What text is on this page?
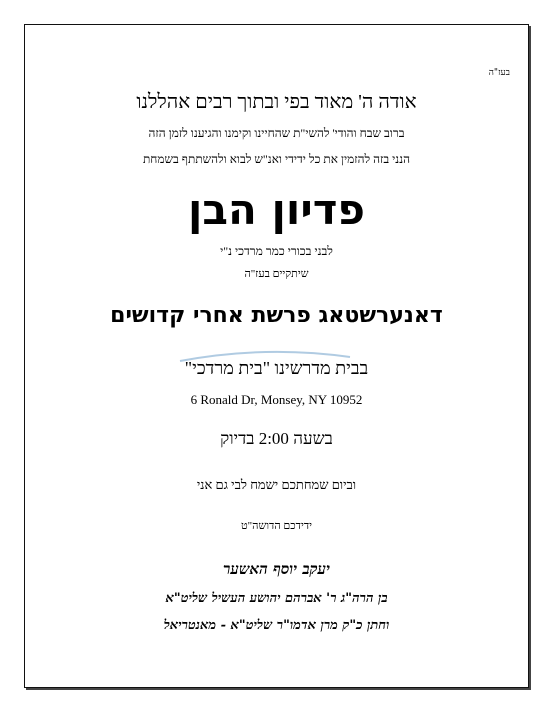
בעז"ה
אודה ה' מאוד בפי ובתוך רבים אהללנו
ברוב שבח והודי' להשי"ת שהחיינו וקימנו והגיענו לזמן הזה
הנני בזה להזמין את כל ידידי ואנ"ש לבוא ולהשתתף בשמחת
פדיון הבן
לבני בכורי כמר מרדכי נ"י
שיתקיים בעז"ה
דאנערשטאג פרשת אחרי קדושים
בבית מדרשינו "בית מרדכי"
6 Ronald Dr, Monsey, NY 10952
בשעה 2:00 בדיוק
וביום שמחתכם ישמח לבי גם אני
ידידכם הדושה"ט
יעקב יוסף האשער
בן הרה"ג ר' אברהם יהושע העשיל שליט"א
וחתן כ"ק מרן אדמו"ר שליט"א - מאנטריאל
